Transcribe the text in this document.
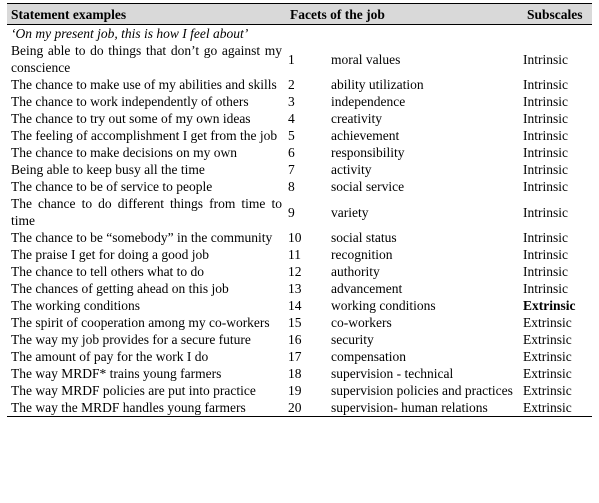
Statement examples	Facets of the job		Subscales
‘On my present job, this is how I feel about’			
Being able to do things that don’t go against my conscience	1	moral values	Intrinsic
The chance to make use of my abilities and skills	2	ability utilization	Intrinsic
The chance to work independently of others	3	independence	Intrinsic
The chance to try out some of my own ideas	4	creativity	Intrinsic
The feeling of accomplishment I get from the job	5	achievement	Intrinsic
The chance to make decisions on my own	6	responsibility	Intrinsic
Being able to keep busy all the time	7	activity	Intrinsic
The chance to be of service to people	8	social service	Intrinsic
The chance to do different things from time to time	9	variety	Intrinsic
The chance to be “somebody” in the community	10	social status	Intrinsic
The praise I get for doing a good job	11	recognition	Intrinsic
The chance to tell others what to do	12	authority	Intrinsic
The chances of getting ahead on this job	13	advancement	Intrinsic
The working conditions	14	working conditions	Extrinsic
The spirit of cooperation among my co-workers	15	co-workers	Extrinsic
The way my job provides for a secure future	16	security	Extrinsic
The amount of pay for the work I do	17	compensation	Extrinsic
The way MRDF* trains young farmers	18	supervision - technical	Extrinsic
The way MRDF policies are put into practice	19	supervision policies and practices	Extrinsic
The way the MRDF handles young farmers	20	supervision- human relations	Extrinsic
